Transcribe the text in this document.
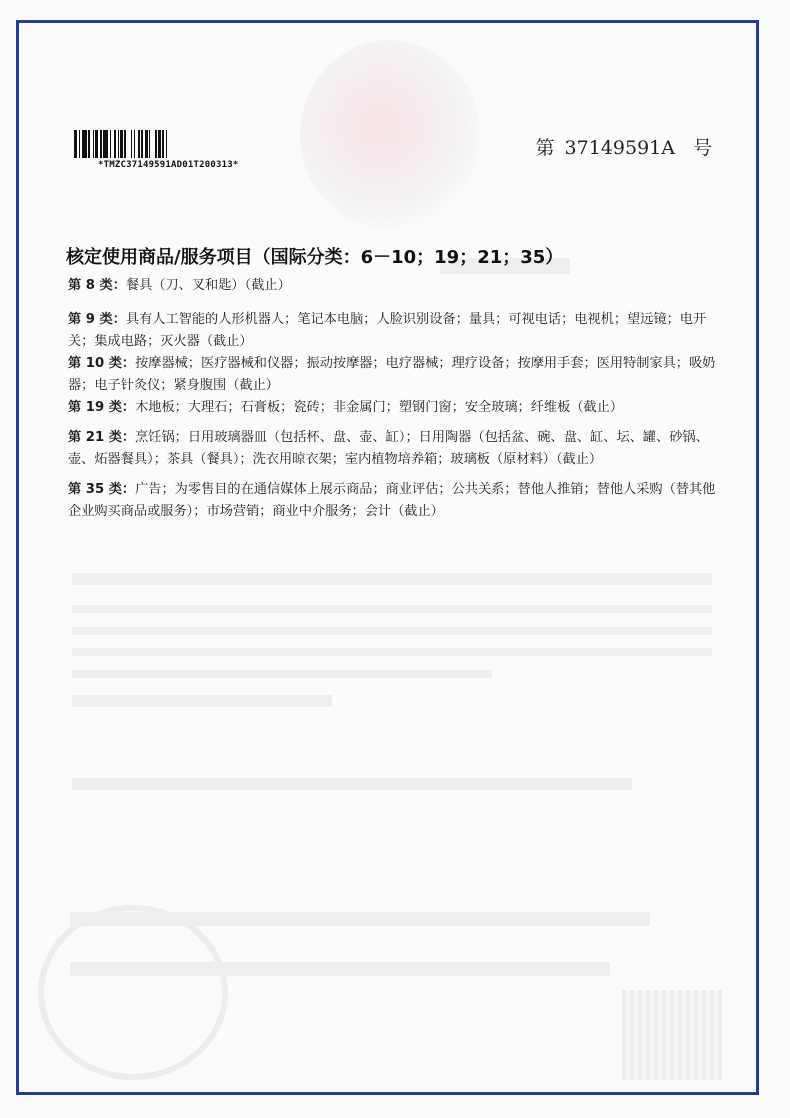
*TMZC37149591AD01T200313*
第 37149591A 号
核定使用商品/服务项目（国际分类：6－10；19；21；35）
第 8 类：餐具（刀、叉和匙）（截止）
第 9 类：具有人工智能的人形机器人；笔记本电脑；人脸识别设备；量具；可视电话；电视机；望远镜；电开关；集成电路；灭火器（截止）
第 10 类：按摩器械；医疗器械和仪器；振动按摩器；电疗器械；理疗设备；按摩用手套；医用特制家具；吸奶器；电子针灸仪；紧身腹围（截止）
第 19 类：木地板；大理石；石膏板；瓷砖；非金属门；塑钢门窗；安全玻璃；纤维板（截止）
第 21 类：烹饪锅；日用玻璃器皿（包括杯、盘、壶、缸）；日用陶器（包括盆、碗、盘、缸、坛、罐、砂锅、壶、炻器餐具）；茶具（餐具）；洗衣用晾衣架；室内植物培养箱；玻璃板（原材料）（截止）
第 35 类：广告；为零售目的在通信媒体上展示商品；商业评估；公共关系；替他人推销；替他人采购（替其他企业购买商品或服务）；市场营销；商业中介服务；会计（截止）
